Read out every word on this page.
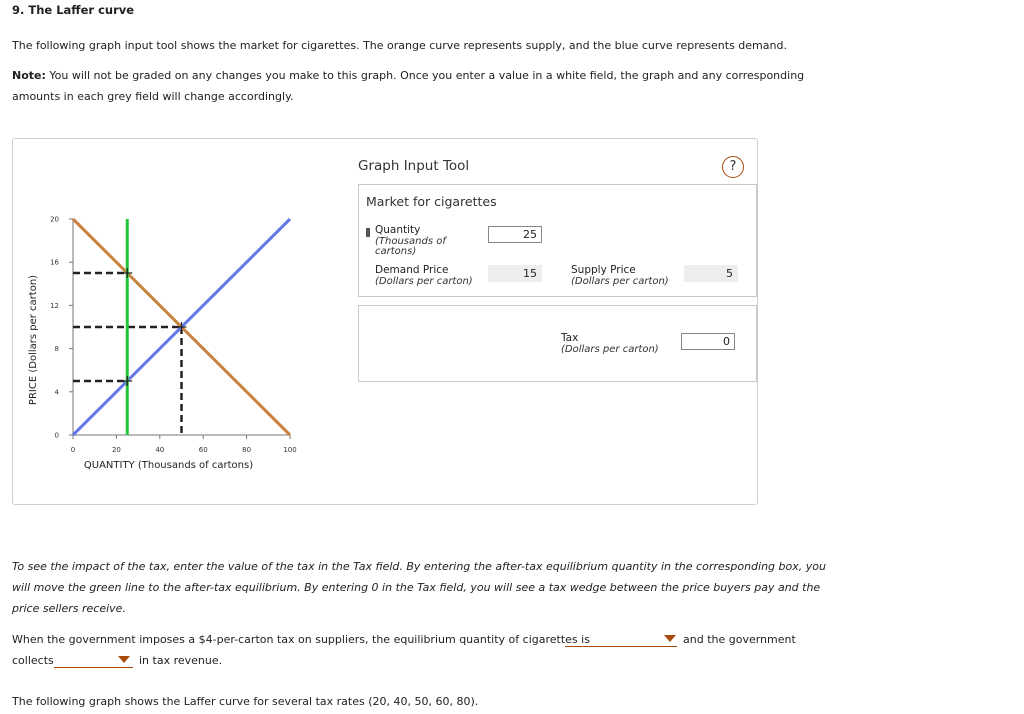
9. The Laffer curve
The following graph input tool shows the market for cigarettes. The orange curve represents supply, and the blue curve represents demand.
Note: You will not be graded on any changes you make to this graph. Once you enter a value in a white field, the graph and any corresponding
amounts in each grey field will change accordingly.
0	20	40	60	80	100
0
4
8
12
16
20
QUANTITY (Thousands of cartons)
PRICE (Dollars per carton)
Graph Input Tool	?
Market for cigarettes
Quantity
(Thousands of
cartons)
25
Demand Price
(Dollars per carton)
15	Supply Price
(Dollars per carton)
5
Tax
(Dollars per carton)
0
To see the impact of the tax, enter the value of the tax in the Tax field. By entering the after-tax equilibrium quantity in the corresponding box, you
will move the green line to the after-tax equilibrium. By entering 0 in the Tax field, you will see a tax wedge between the price buyers pay and the
price sellers receive.
When the government imposes a $4-per-carton tax on suppliers, the equilibrium quantity of cigarettes is	and the government
collects	in tax revenue.
The following graph shows the Laffer curve for several tax rates (20, 40, 50, 60, 80).
